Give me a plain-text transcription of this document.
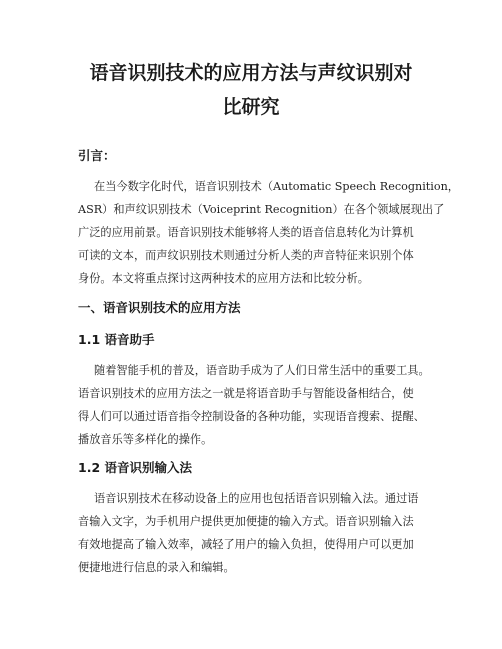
语音识别技术的应用方法与声纹识别对
比研究
引言：
在当今数字化时代，语音识别技术（Automatic Speech Recognition，
ASR）和声纹识别技术（Voiceprint Recognition）在各个领域展现出了
广泛的应用前景。语音识别技术能够将人类的语音信息转化为计算机
可读的文本，而声纹识别技术则通过分析人类的声音特征来识别个体
身份。本文将重点探讨这两种技术的应用方法和比较分析。
一、语音识别技术的应用方法
1.1 语音助手
随着智能手机的普及，语音助手成为了人们日常生活中的重要工具。
语音识别技术的应用方法之一就是将语音助手与智能设备相结合，使
得人们可以通过语音指令控制设备的各种功能，实现语音搜索、提醒、
播放音乐等多样化的操作。
1.2 语音识别输入法
语音识别技术在移动设备上的应用也包括语音识别输入法。通过语
音输入文字，为手机用户提供更加便捷的输入方式。语音识别输入法
有效地提高了输入效率，减轻了用户的输入负担，使得用户可以更加
便捷地进行信息的录入和编辑。
